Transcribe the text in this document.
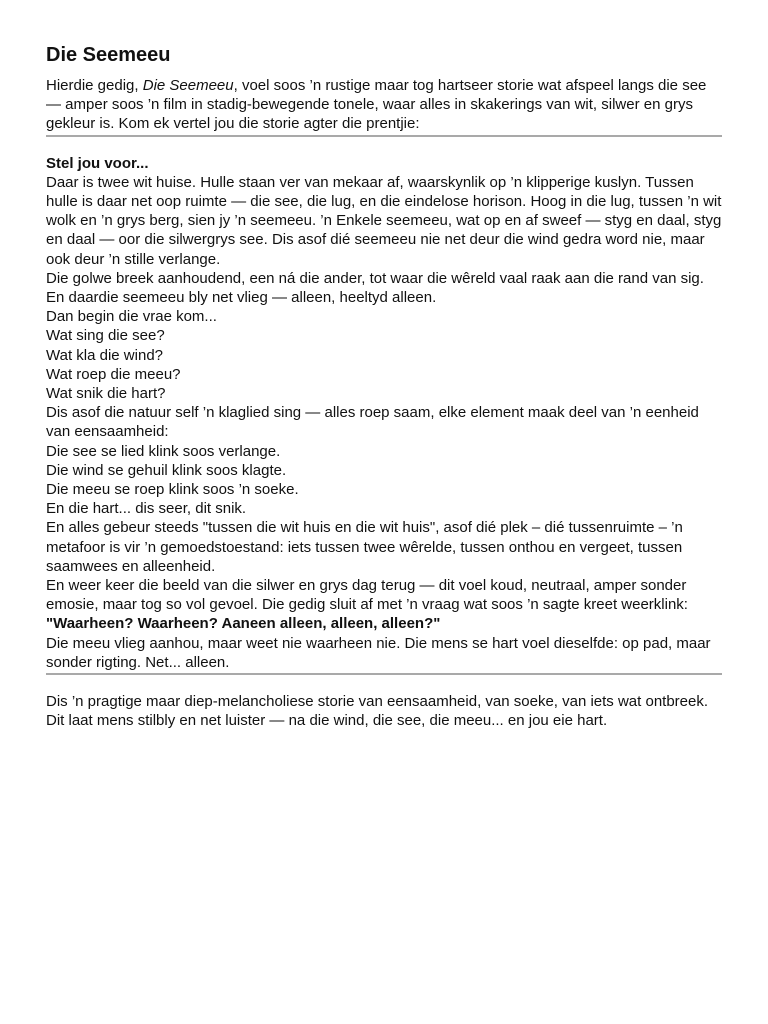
Die Seemeeu

Hierdie gedig, Die Seemeeu, voel soos ’n rustige maar tog hartseer storie wat afspeel langs die see — amper soos ’n film in stadig-bewegende tonele, waar alles in skakerings van wit, silwer en grys gekleur is. Kom ek vertel jou die storie agter die prentjie:

Stel jou voor...

Daar is twee wit huise. Hulle staan ver van mekaar af, waarskynlik op ’n klipperige kuslyn. Tussen hulle is daar net oop ruimte — die see, die lug, en die eindelose horison. Hoog in die lug, tussen ’n wit wolk en ’n grys berg, sien jy ’n seemeeu. ’n Enkele seemeeu, wat op en af sweef — styg en daal, styg en daal — oor die silwergrys see. Dis asof dié seemeeu nie net deur die wind gedra word nie, maar ook deur ’n stille verlange.

Die golwe breek aanhoudend, een ná die ander, tot waar die wêreld vaal raak aan die rand van sig. En daardie seemeeu bly net vlieg — alleen, heeltyd alleen.

Dan begin die vrae kom...

Wat sing die see?

Wat kla die wind?

Wat roep die meeu?

Wat snik die hart?

Dis asof die natuur self ’n klaglied sing — alles roep saam, elke element maak deel van ’n eenheid van eensaamheid:

Die see se lied klink soos verlange.

Die wind se gehuil klink soos klagte.

Die meeu se roep klink soos ’n soeke.

En die hart... dis seer, dit snik.

En alles gebeur steeds "tussen die wit huis en die wit huis", asof dié plek – dié tussenruimte – ’n metafoor is vir ’n gemoedstoestand: iets tussen twee wêrelde, tussen onthou en vergeet, tussen saamwees en alleenheid.

En weer keer die beeld van die silwer en grys dag terug — dit voel koud, neutraal, amper sonder emosie, maar tog so vol gevoel. Die gedig sluit af met ’n vraag wat soos ’n sagte kreet weerklink:

"Waarheen? Waarheen? Aaneen alleen, alleen, alleen?"

Die meeu vlieg aanhou, maar weet nie waarheen nie. Die mens se hart voel dieselfde: op pad, maar sonder rigting. Net... alleen.

Dis ’n pragtige maar diep-melancholiese storie van eensaamheid, van soeke, van iets wat ontbreek. Dit laat mens stilbly en net luister — na die wind, die see, die meeu... en jou eie hart.
